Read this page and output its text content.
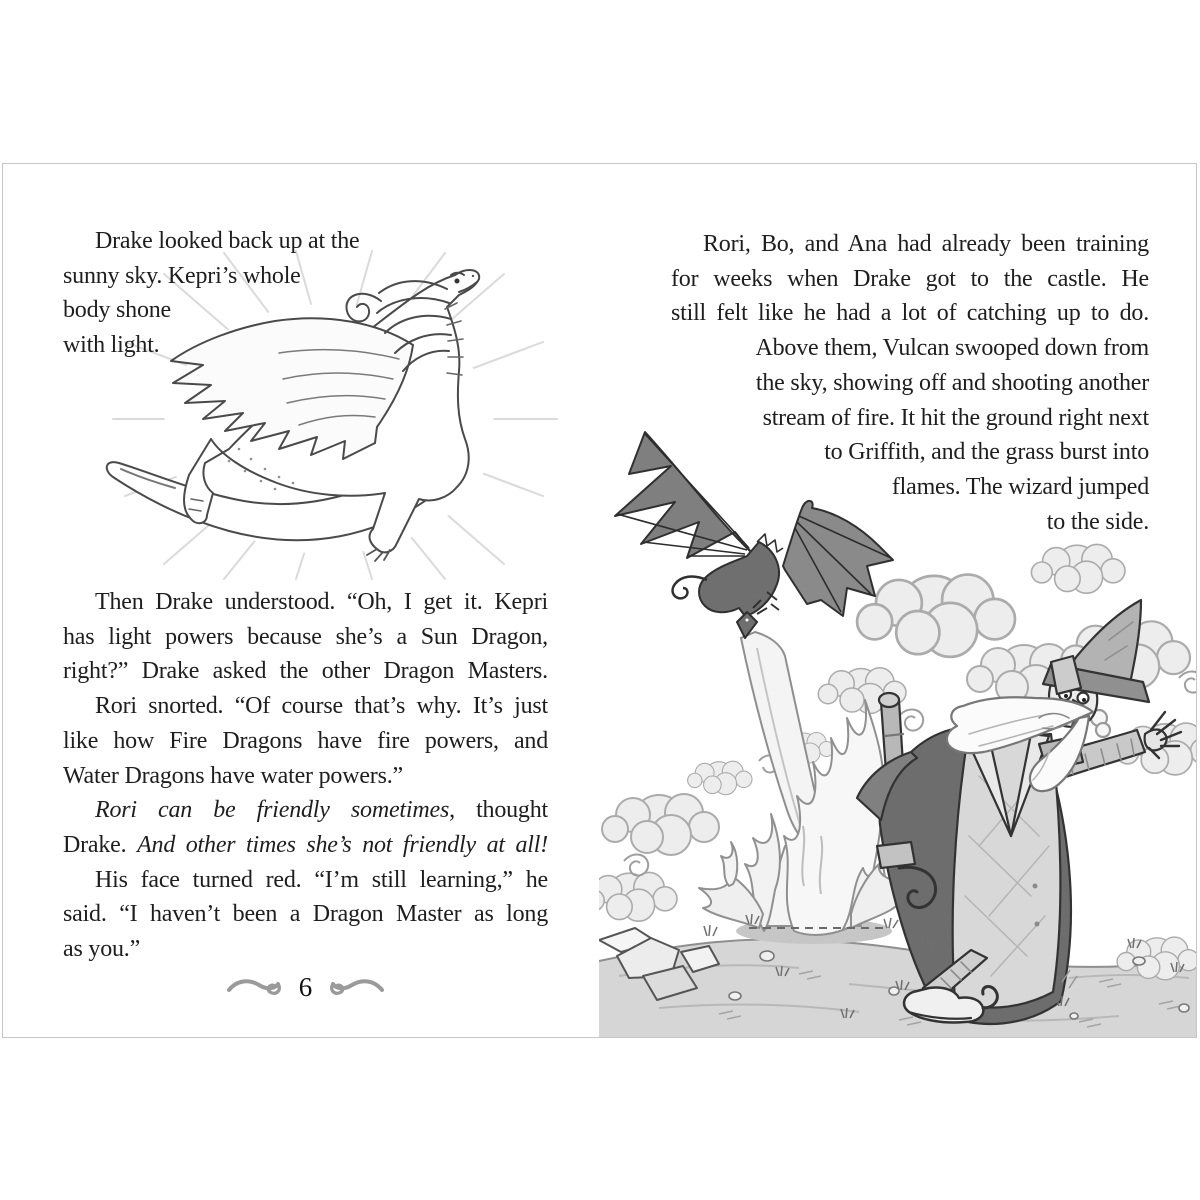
Drake looked back up at the
sunny sky. Kepri’s whole
body shone
with light.
Then Drake understood. “Oh, I get it. Kepri
has light powers because she’s a Sun Dragon,
right?” Drake asked the other Dragon Masters.
Rori snorted. “Of course that’s why. It’s just
like how Fire Dragons have fire powers, and
Water Dragons have water powers.”
Rori can be friendly sometimes, thought
Drake. And other times she’s not friendly at all!
His face turned red. “I’m still learning,” he
said. “I haven’t been a Dragon Master as long
as you.”
6
Rori, Bo, and Ana had already been training
for weeks when Drake got to the castle. He
still felt like he had a lot of catching up to do.
Above them, Vulcan swooped down from
the sky, showing off and shooting another
stream of fire. It hit the ground right next
to Griffith, and the grass burst into
flames. The wizard jumped
to the side.
